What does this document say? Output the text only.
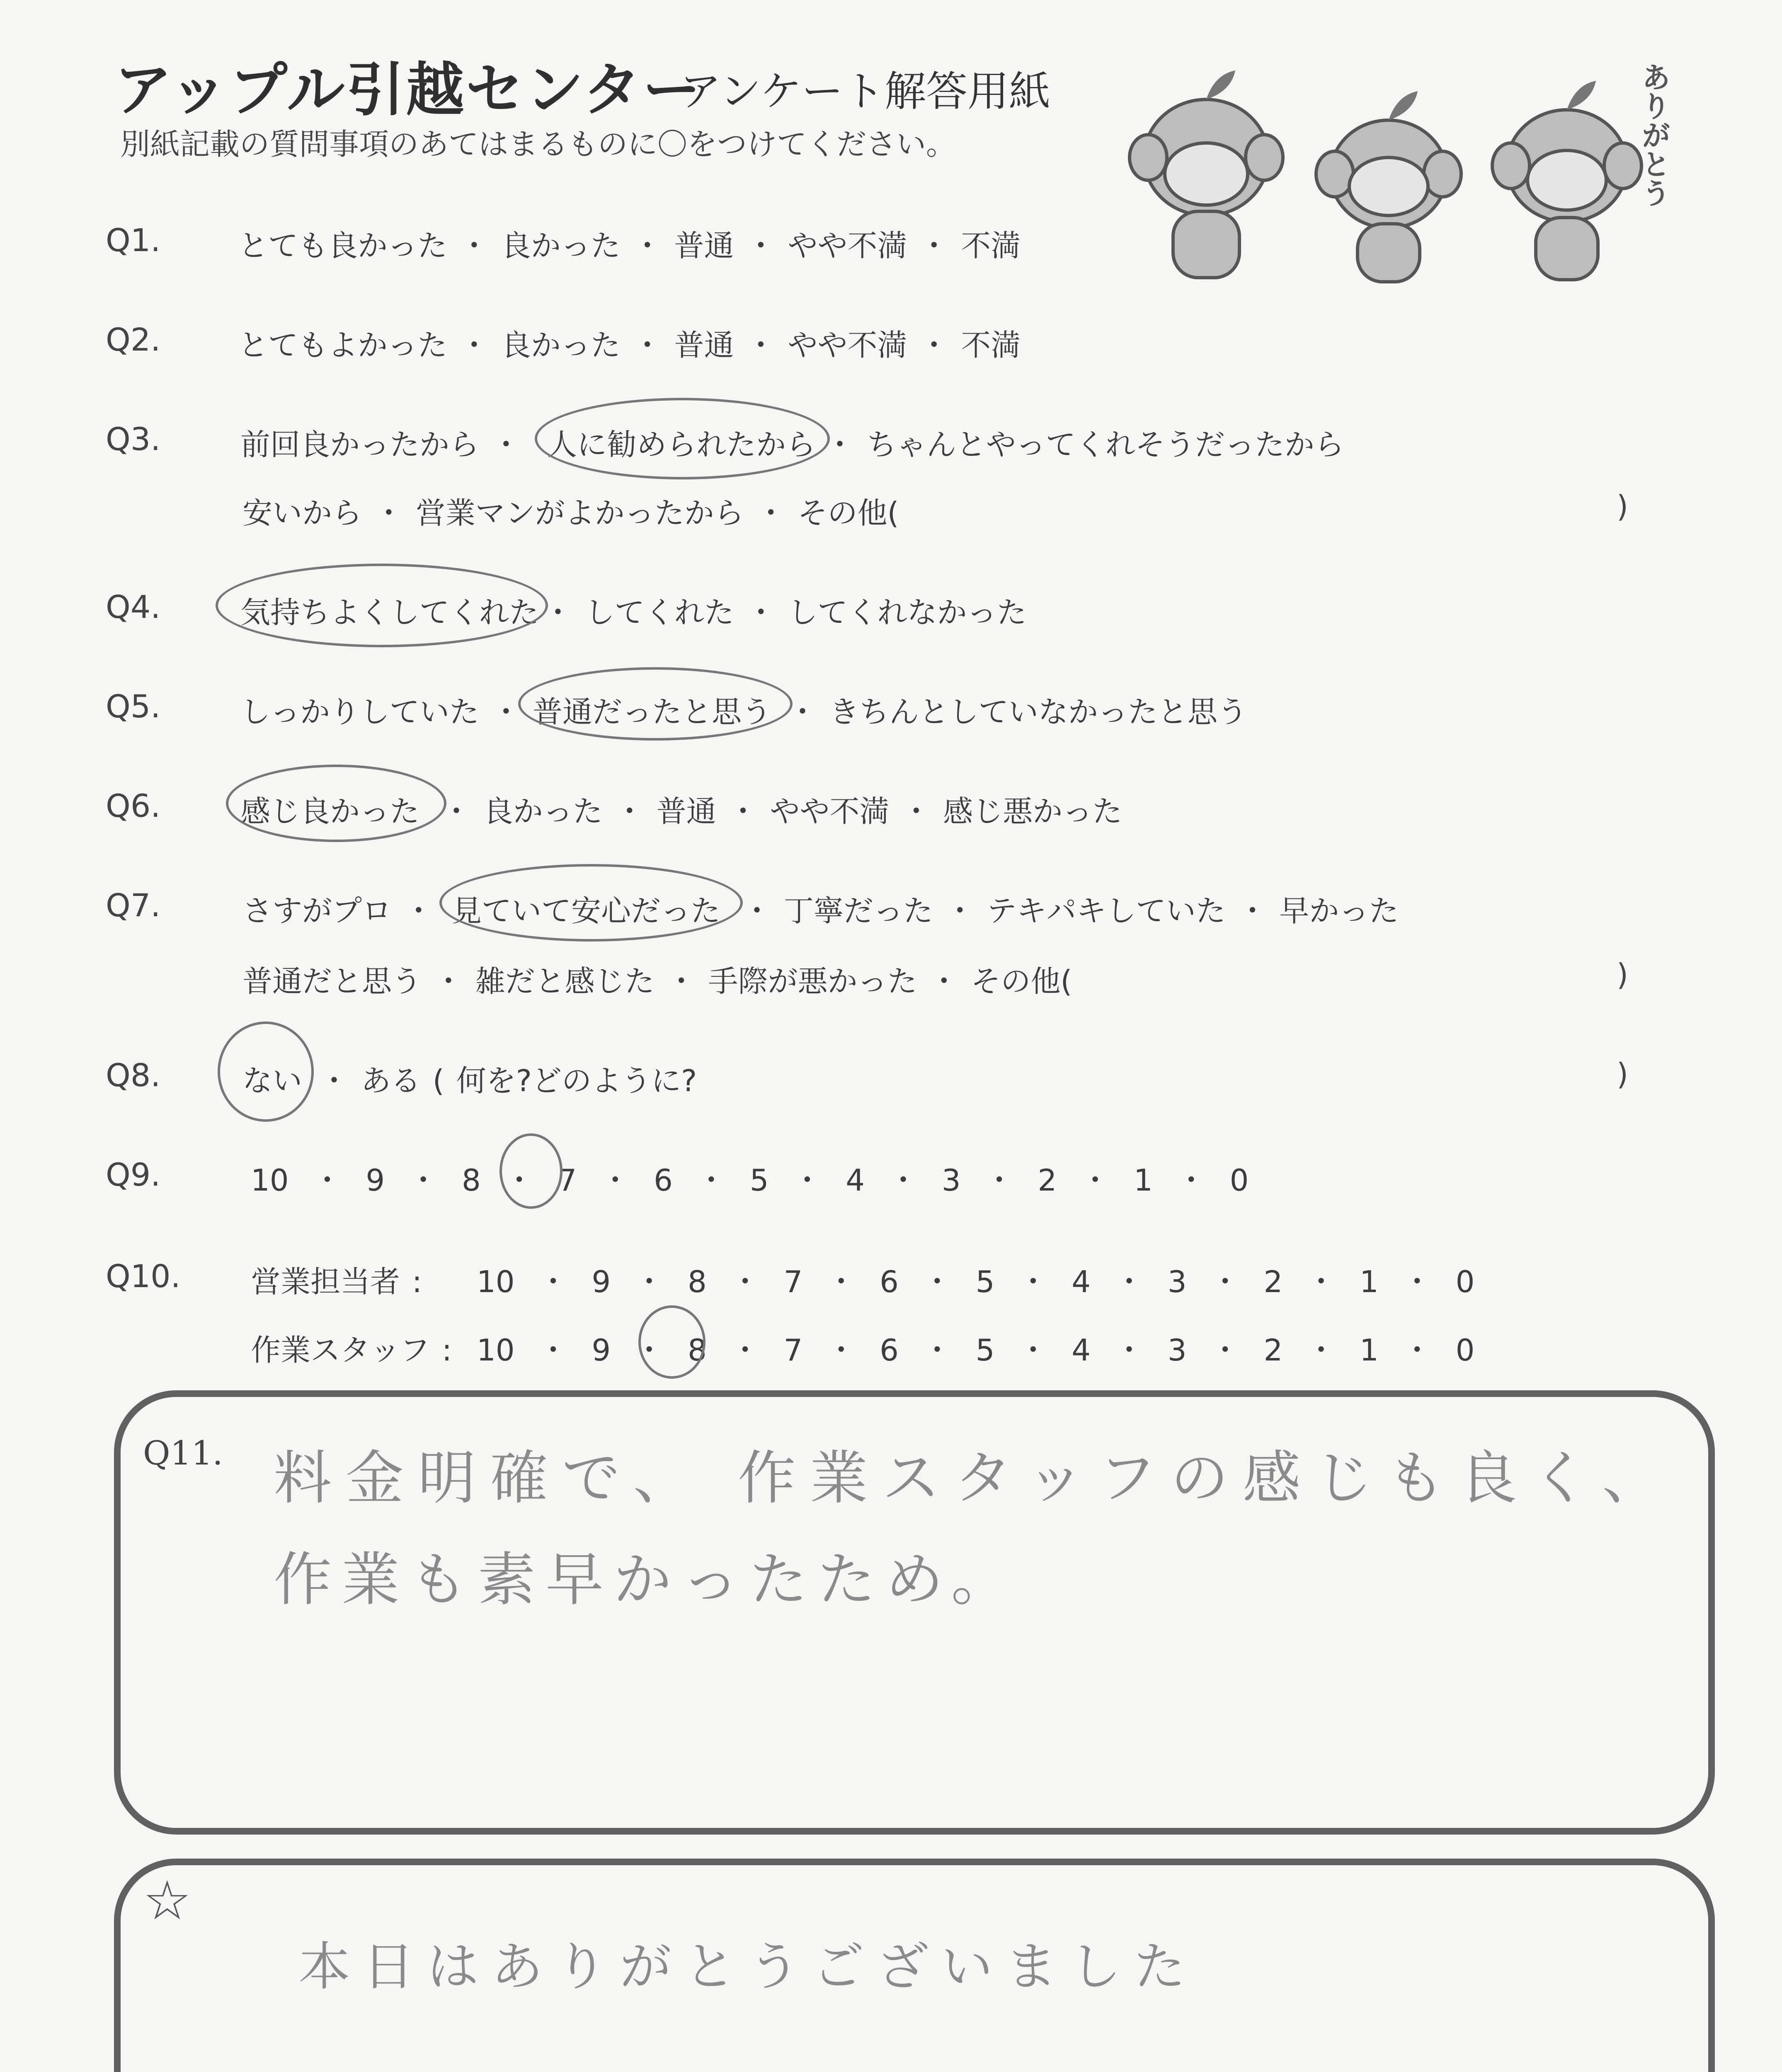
アップル引越センター
アンケート解答用紙
別紙記載の質問事項のあてはまるものに〇をつけてください。	ありがとう
Q1.	とても良かった ・ 良かった ・ 普通 ・ やや不満 ・ 不満
Q2.	とてもよかった ・ 良かった ・ 普通 ・ やや不満 ・ 不満
Q3.	前回良かったから ・ 人に勧められたから ・ ちゃんとやってくれそうだったから
安いから ・ 営業マンがよかったから ・ その他(	)
Q4.	気持ちよくしてくれた ・ してくれた ・ してくれなかった
Q5.	しっかりしていた ・ 普通だったと思う ・ きちんとしていなかったと思う
Q6.	感じ良かった ・ 良かった ・ 普通 ・ やや不満 ・ 感じ悪かった
Q7.	さすがプロ ・ 見ていて安心だった ・ 丁寧だった ・ テキパキしていた ・ 早かった
普通だと思う ・ 雑だと感じた ・ 手際が悪かった ・ その他(	)
Q8.	ない ・ ある ( 何を?どのように?	)
Q9.	10 ・ 9 ・ 8 ・ 7 ・ 6 ・ 5 ・ 4 ・ 3 ・ 2 ・ 1 ・ 0
Q10. 営業担当者 : 10 ・ 9 ・ 8 ・ 7 ・ 6 ・ 5 ・ 4 ・ 3 ・ 2 ・ 1 ・ 0
作業スタッフ : 10 ・ 9 ・ 8 ・ 7 ・ 6 ・ 5 ・ 4 ・ 3 ・ 2 ・ 1 ・ 0
Q11. 料金明確で、 作業スタッフの感じも良く、
作業も素早かったため。
☆
本日はありがとうございました
